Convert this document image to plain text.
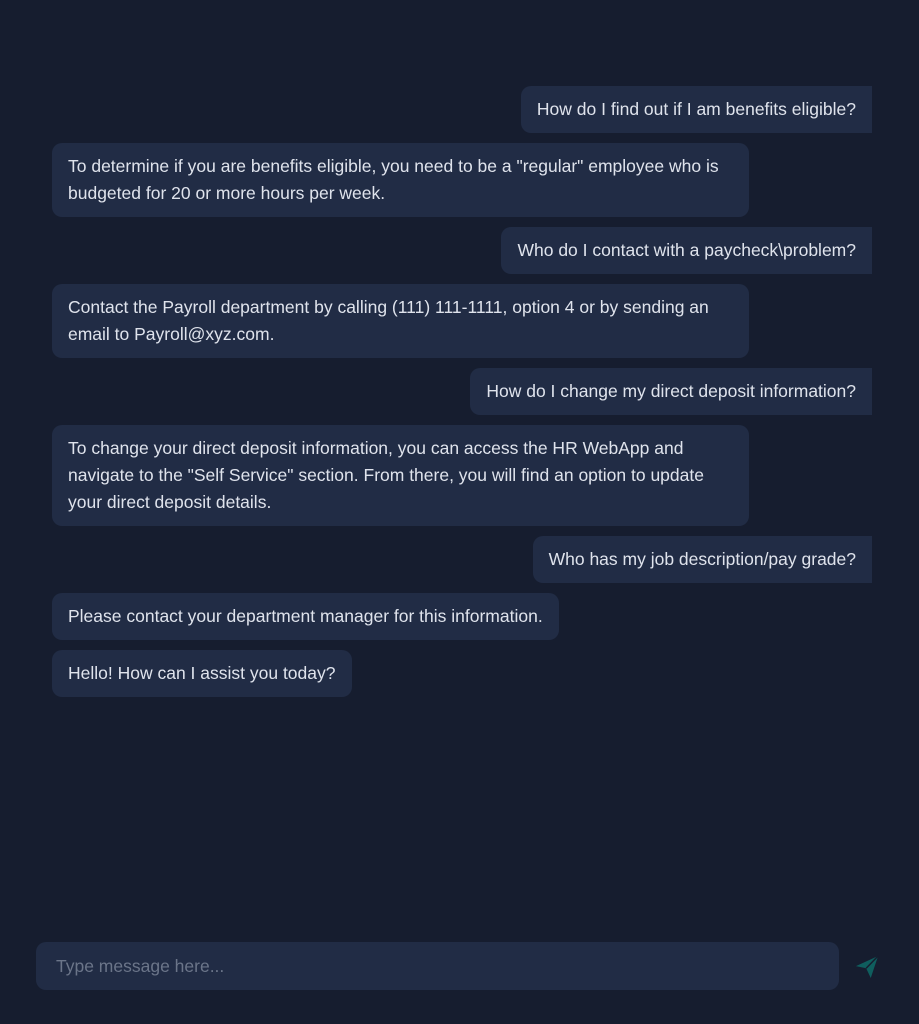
How do I find out if I am benefits eligible?
To determine if you are benefits eligible, you need to be a "regular" employee who is budgeted for 20 or more hours per week.
Who do I contact with a paycheck\problem?
Contact the Payroll department by calling (111) 111-1111, option 4 or by sending an email to Payroll@xyz.com.
How do I change my direct deposit information?
To change your direct deposit information, you can access the HR WebApp and navigate to the "Self Service" section. From there, you will find an option to update your direct deposit details.
Who has my job description/pay grade?
Please contact your department manager for this information.
Hello! How can I assist you today?
Type message here...
